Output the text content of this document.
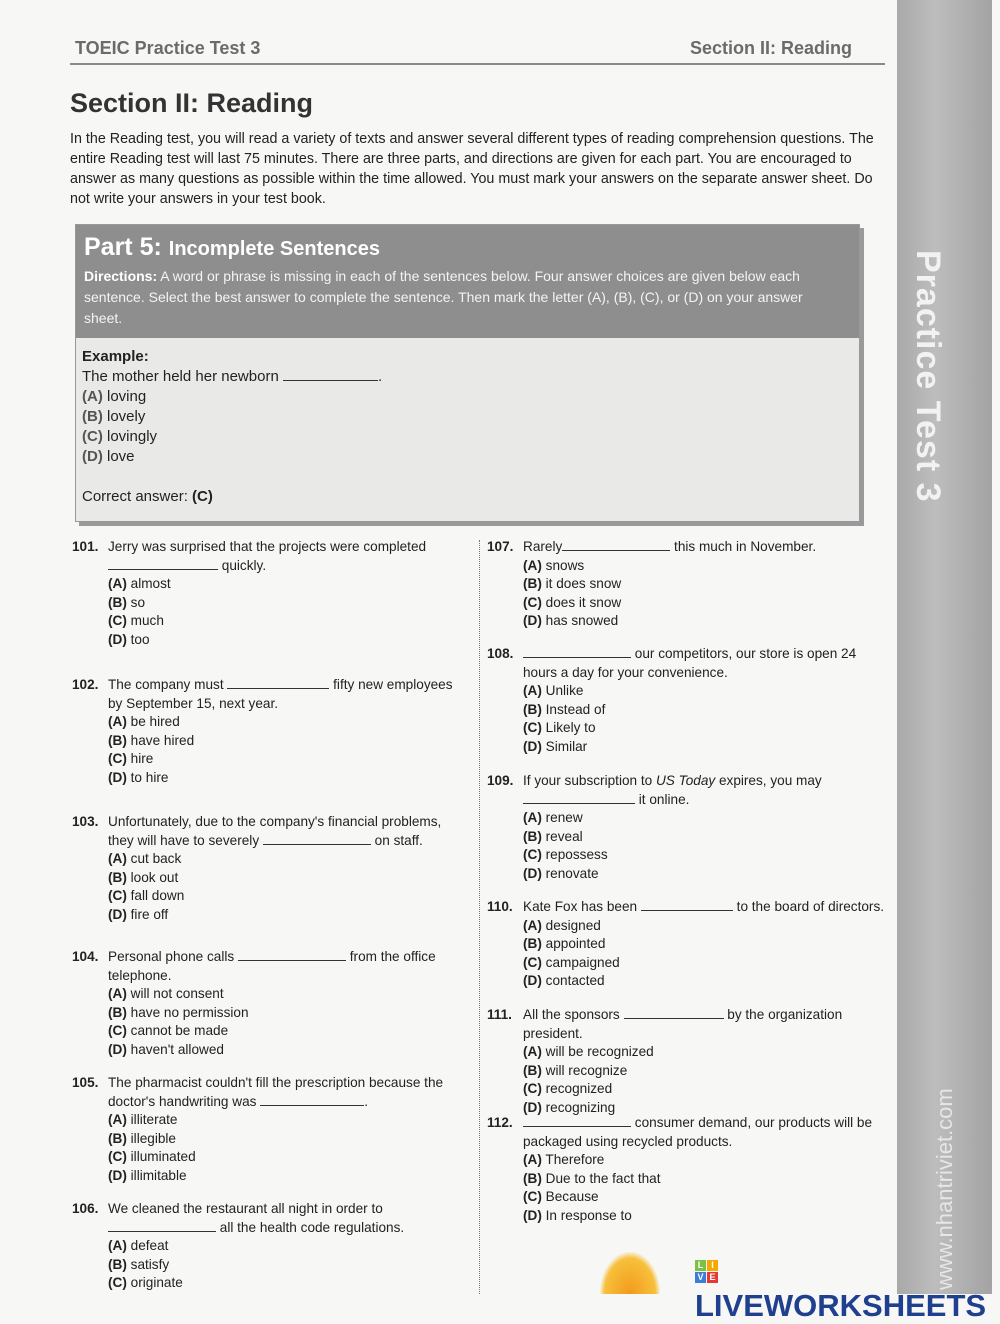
TOEIC Practice Test 3	Section II: Reading
Practice Test 3
www.nhantriviet.com
Section II: Reading
In the Reading test, you will read a variety of texts and answer several different types of reading comprehension questions. The entire Reading test will last 75 minutes. There are three parts, and directions are given for each part. You are encouraged to answer as many questions as possible within the time allowed. You must mark your answers on the separate answer sheet. Do not write your answers in your test book.
Part 5: Incomplete Sentences
Directions: A word or phrase is missing in each of the sentences below. Four answer choices are given below each sentence. Select the best answer to complete the sentence. Then mark the letter (A), (B), (C), or (D) on your answer sheet.
Example:
The mother held her newborn	.
(A) loving
(B) lovely
(C) lovingly
(D) love
Correct answer: (C)
101. Jerry was surprised that the projects were completed  quickly.
(A) almost
(B) so
(C) much
(D) too
102. The company must	fifty new employees by September 15, next year.
(A) be hired
(B) have hired
(C) hire
(D) to hire
103. Unfortunately, due to the company's financial problems, they will have to severely	on staff.
(A) cut back
(B) look out
(C) fall down
(D) fire off
104. Personal phone calls	from the office telephone.
(A) will not consent
(B) have no permission
(C) cannot be made
(D) haven't allowed
105. The pharmacist couldn't fill the prescription because the doctor's handwriting was	.
(A) illiterate
(B) illegible
(C) illuminated
(D) illimitable
106. We cleaned the restaurant all night in order to  all the health code regulations.
(A) defeat
(B) satisfy
(C) originate
107. Rarely	this much in November.
(A) snows
(B) it does snow
(C) does it snow
(D) has snowed
108.	our competitors, our store is open 24 hours a day for your convenience.
(A) Unlike
(B) Instead of
(C) Likely to
(D) Similar
109. If your subscription to US Today expires, you may  it online.
(A) renew
(B) reveal
(C) repossess
(D) renovate
110. Kate Fox has been	to the board of directors.
(A) designed
(B) appointed
(C) campaigned
(D) contacted
111. All the sponsors	by the organization president.
(A) will be recognized
(B) will recognize
(C) recognized
(D) recognizing
112.	consumer demand, our products will be packaged using recycled products.
(A) Therefore
(B) Due to the fact that
(C) Because
(D) In response to
L I
V E
LIVEWORKSHEETS
